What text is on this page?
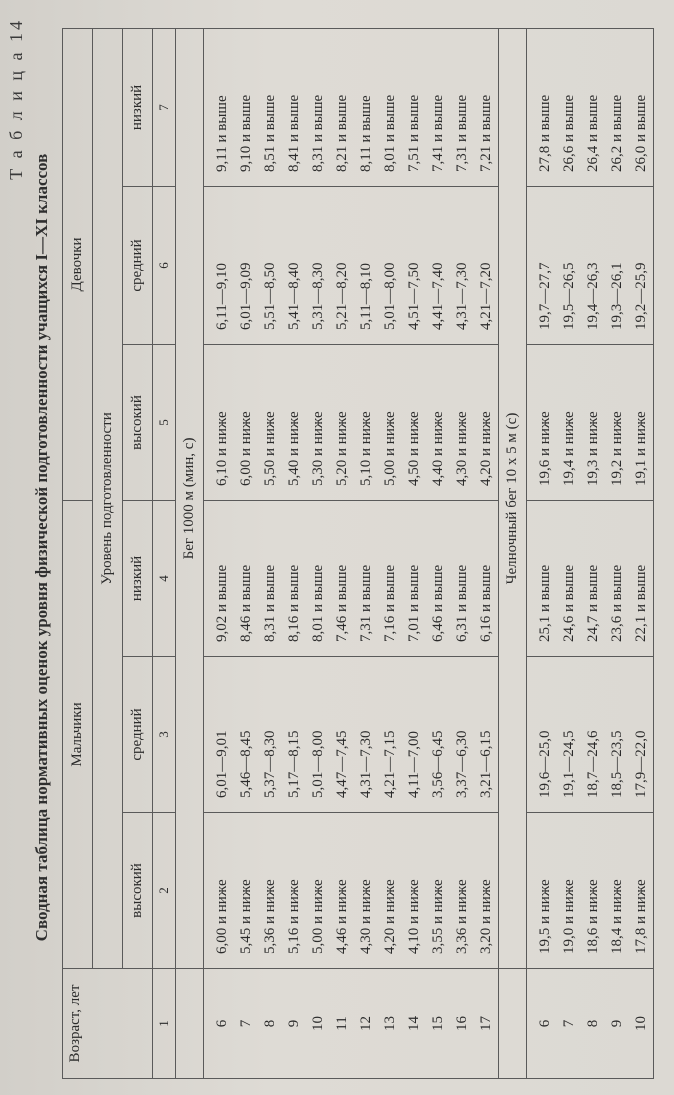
Т а б л и ц а 14
Сводная таблица нормативных оценок уровня физической подготовленности учащихся I—XI классов
Возраст, лет	Мальчики			Девочки		
	Уровень подготовленности					
	высокий	средний	низкий	высокий	средний	низкий
1	2	3	4	5	6	7
	Бег 1000 м (мин, с)					
6	6,00 и ниже	6,01—9,01	9,02 и выше	6,10 и ниже	6,11—9,10	9,11 и выше
7	5,45 и ниже	5,46—8,45	8,46 и выше	6,00 и ниже	6,01—9,09	9,10 и выше
8	5,36 и ниже	5,37—8,30	8,31 и выше	5,50 и ниже	5,51—8,50	8,51 и выше
9	5,16 и ниже	5,17—8,15	8,16 и выше	5,40 и ниже	5,41—8,40	8,41 и выше
10	5,00 и ниже	5,01—8,00	8,01 и выше	5,30 и ниже	5,31—8,30	8,31 и выше
11	4,46 и ниже	4,47—7,45	7,46 и выше	5,20 и ниже	5,21—8,20	8,21 и выше
12	4,30 и ниже	4,31—7,30	7,31 и выше	5,10 и ниже	5,11—8,10	8,11 и выше
13	4,20 и ниже	4,21—7,15	7,16 и выше	5,00 и ниже	5,01—8,00	8,01 и выше
14	4,10 и ниже	4,11—7,00	7,01 и выше	4,50 и ниже	4,51—7,50	7,51 и выше
15	3,55 и ниже	3,56—6,45	6,46 и выше	4,40 и ниже	4,41—7,40	7,41 и выше
16	3,36 и ниже	3,37—6,30	6,31 и выше	4,30 и ниже	4,31—7,30	7,31 и выше
17	3,20 и ниже	3,21—6,15	6,16 и выше	4,20 и ниже	4,21—7,20	7,21 и выше
	Челночный бег 10 х 5 м (с)					
6	19,5 и ниже	19,6—25,0	25,1 и выше	19,6 и ниже	19,7—27,7	27,8 и выше
7	19,0 и ниже	19,1—24,5	24,6 и выше	19,4 и ниже	19,5—26,5	26,6 и выше
8	18,6 и ниже	18,7—24,6	24,7 и выше	19,3 и ниже	19,4—26,3	26,4 и выше
9	18,4 и ниже	18,5—23,5	23,6 и выше	19,2 и ниже	19,3—26,1	26,2 и выше
10	17,8 и ниже	17,9—22,0	22,1 и выше	19,1 и ниже	19,2—25,9	26,0 и выше
